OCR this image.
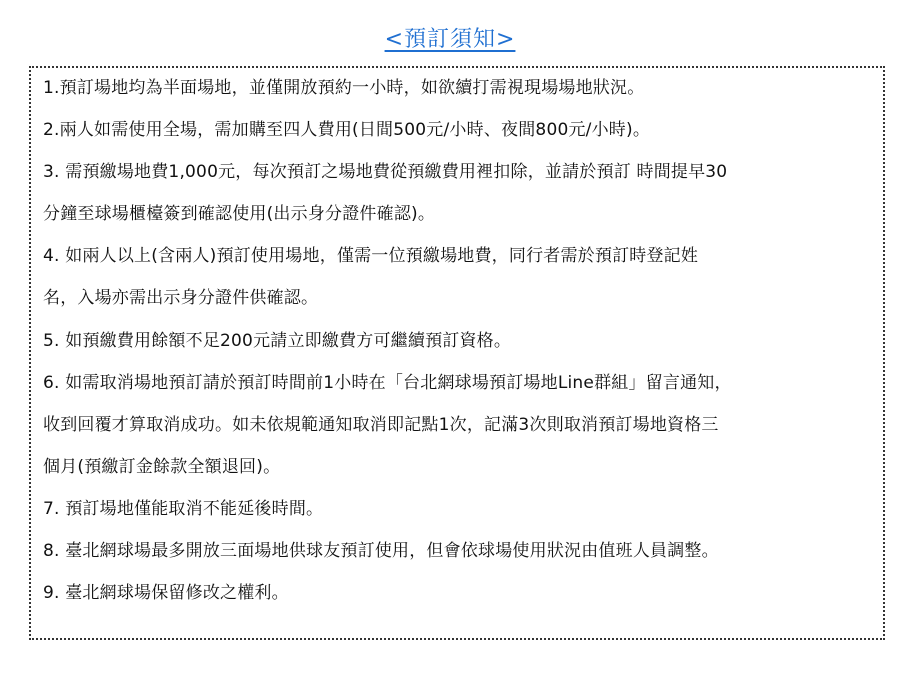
<預訂須知>
1.預訂場地均為半面場地，並僅開放預約一小時，如欲續打需視現場場地狀況。
2.兩人如需使用全場，需加購至四人費用(日間500元/小時、夜間800元/小時)。
3. 需預繳場地費1,000元，每次預訂之場地費從預繳費用裡扣除，並請於預訂 時間提早30
分鐘至球場櫃檯簽到確認使用(出示身分證件確認)。
4. 如兩人以上(含兩人)預訂使用場地，僅需一位預繳場地費，同行者需於預訂時登記姓
名，入場亦需出示身分證件供確認。
5. 如預繳費用餘額不足200元請立即繳費方可繼續預訂資格。
6. 如需取消場地預訂請於預訂時間前1小時在「台北網球場預訂場地Line群組」留言通知，
收到回覆才算取消成功。如未依規範通知取消即記點1次，記滿3次則取消預訂場地資格三
個月(預繳訂金餘款全額退回)。
7. 預訂場地僅能取消不能延後時間。
8. 臺北網球場最多開放三面場地供球友預訂使用，但會依球場使用狀況由值班人員調整。
9. 臺北網球場保留修改之權利。
